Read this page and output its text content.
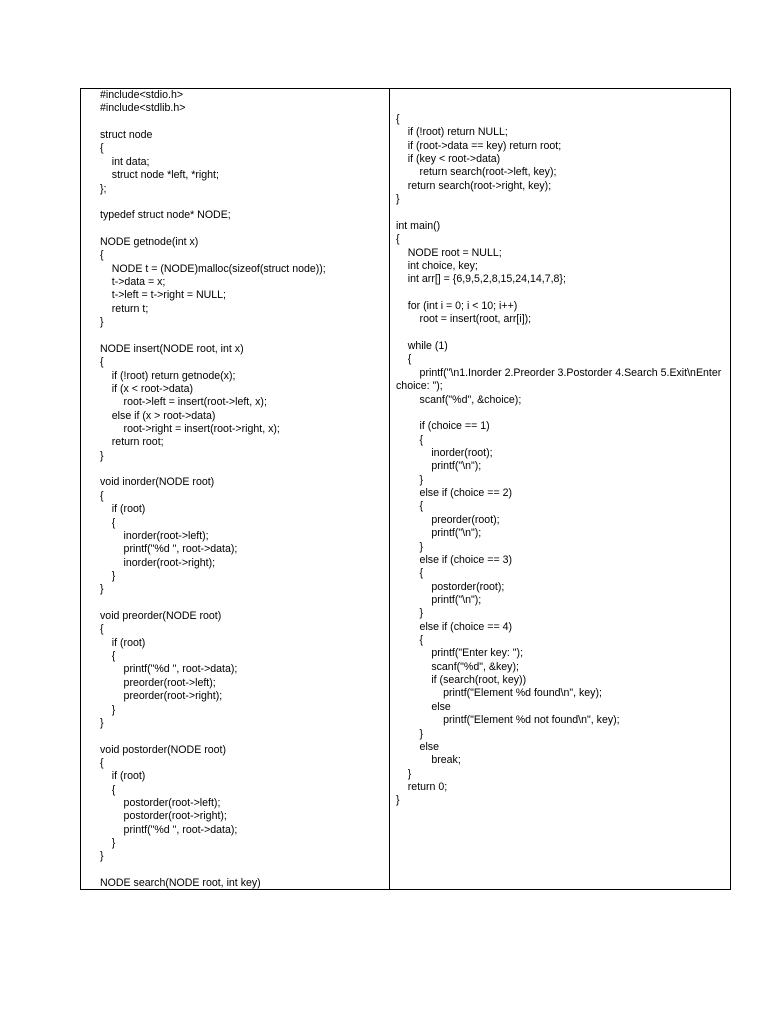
#include<stdio.h>
#include<stdlib.h>

struct node
{
int data;
struct node *left, *right;
};

typedef struct node* NODE;

NODE getnode(int x)
{
NODE t = (NODE)malloc(sizeof(struct node));
t->data = x;
t->left = t->right = NULL;
return t;
}

NODE insert(NODE root, int x)
{
if (!root) return getnode(x);
if (x < root->data)
root->left = insert(root->left, x);
else if (x > root->data)
root->right = insert(root->right, x);
return root;
}

void inorder(NODE root)
{
if (root)
{
inorder(root->left);
printf("%d ", root->data);
inorder(root->right);
}
}

void preorder(NODE root)
{
if (root)
{
printf("%d ", root->data);
preorder(root->left);
preorder(root->right);
}
}

void postorder(NODE root)
{
if (root)
{
postorder(root->left);
postorder(root->right);
printf("%d ", root->data);
}
}

NODE search(NODE root, int key)
{
if (!root) return NULL;
if (root->data == key) return root;
if (key < root->data)
return search(root->left, key);
return search(root->right, key);
}

int main()
{
NODE root = NULL;
int choice, key;
int arr[] = {6,9,5,2,8,15,24,14,7,8};

for (int i = 0; i < 10; i++)
root = insert(root, arr[i]);

while (1)
{
printf("\n1.Inorder 2.Preorder 3.Postorder 4.Search 5.Exit\nEnter
choice: ");
scanf("%d", &choice);

if (choice == 1)
{
inorder(root);
printf("\n");
}
else if (choice == 2)
{
preorder(root);
printf("\n");
}
else if (choice == 3)
{
postorder(root);
printf("\n");
}
else if (choice == 4)
{
printf("Enter key: ");
scanf("%d", &key);
if (search(root, key))
printf("Element %d found\n", key);
else
printf("Element %d not found\n", key);
}
else
break;
}
return 0;
}
